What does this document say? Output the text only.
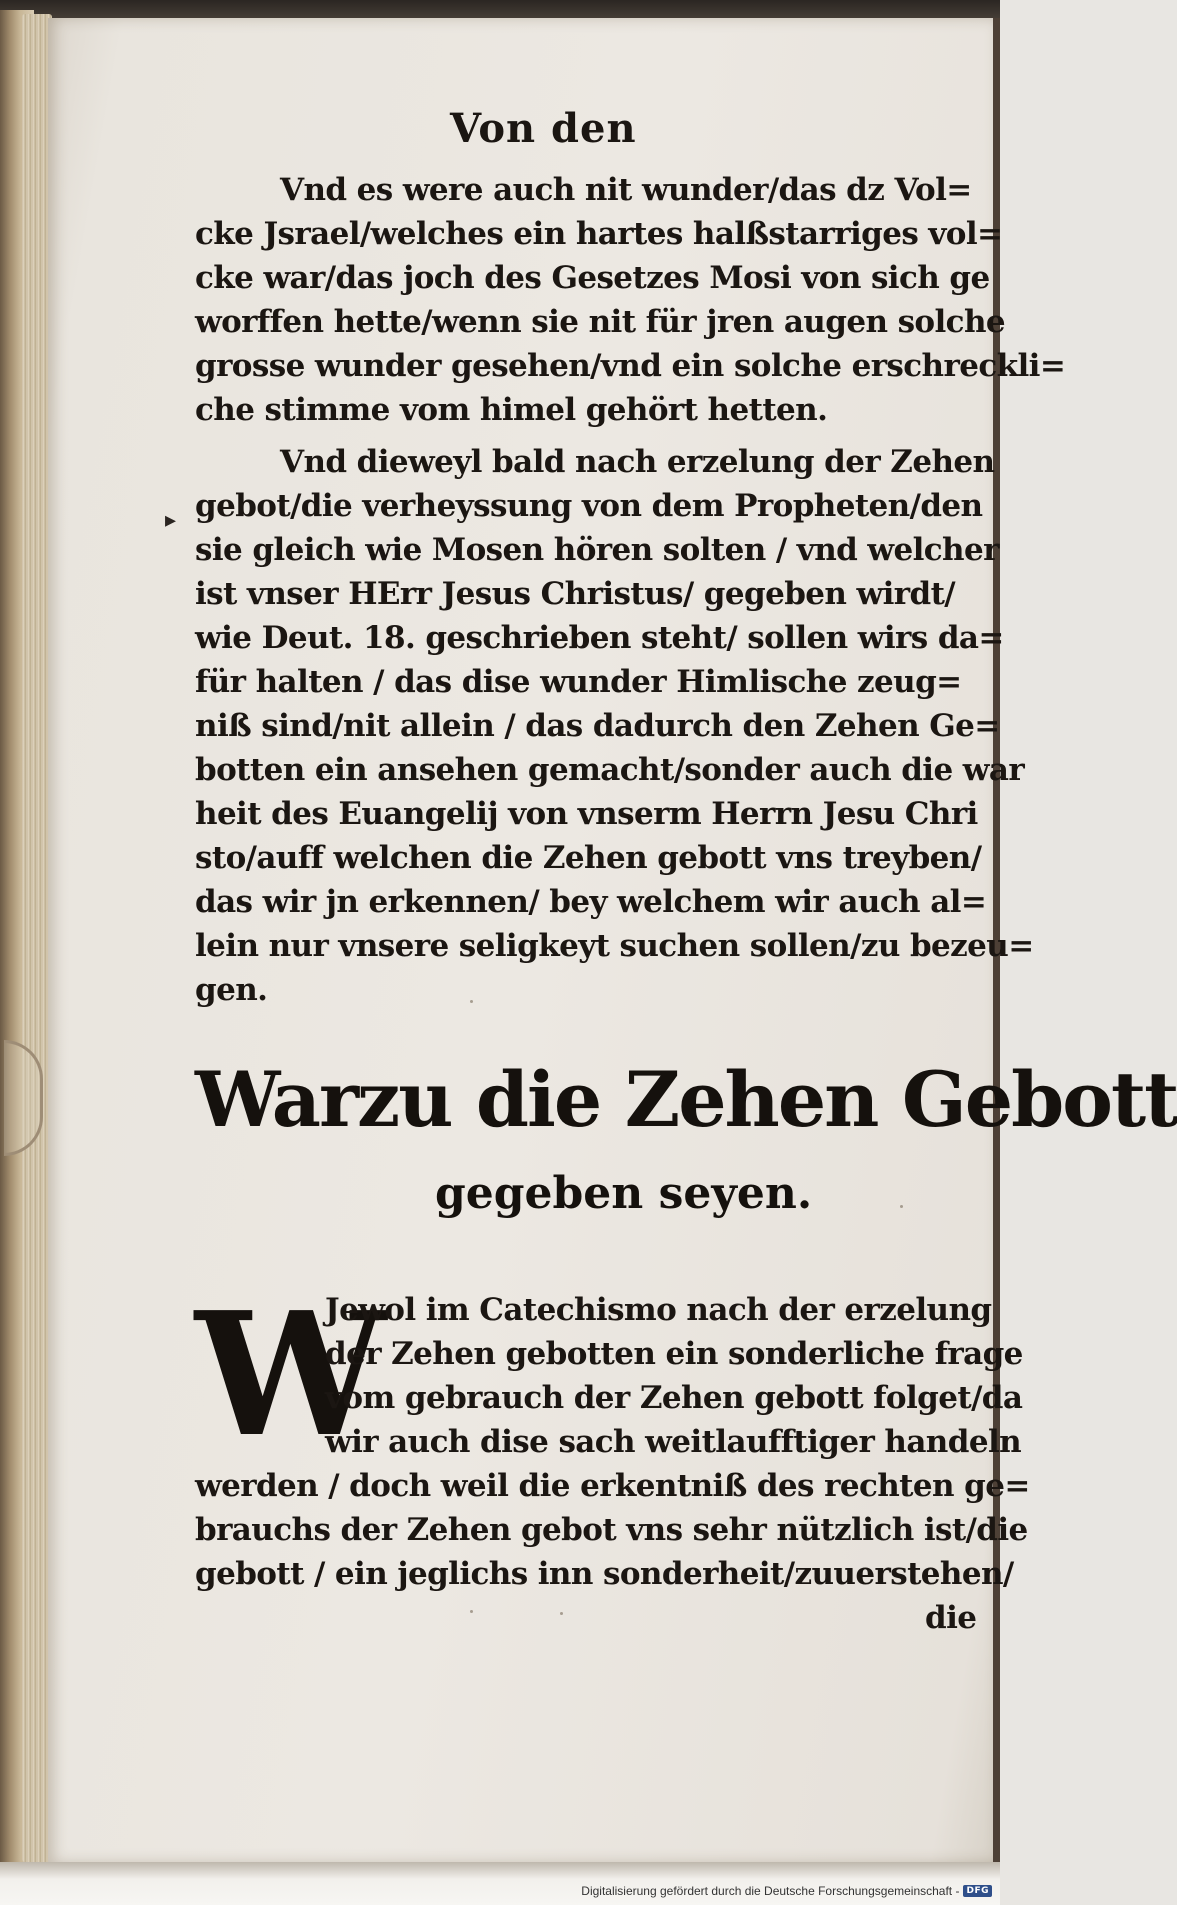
Von den
Vnd es were auch nit wunder/das dz Vol=
cke Jsrael/welches ein hartes halßstarriges vol=
cke war/das joch des Gesetzes Mosi von sich ge
worffen hette/wenn sie nit für jren augen solche
grosse wunder gesehen/vnd ein solche erschreckli=
che stimme vom himel gehört hetten.
▸
Vnd dieweyl bald nach erzelung der Zehen
gebot/die verheyssung von dem Propheten/den
sie gleich wie Mosen hören solten / vnd welcher
ist vnser HErr Jesus Christus/ gegeben wirdt/
wie Deut. 18. geschrieben steht/ sollen wirs da=
für halten / das dise wunder Himlische zeug=
niß sind/nit allein / das dadurch den Zehen Ge=
botten ein ansehen gemacht/sonder auch die war
heit des Euangelij von vnserm Herrn Jesu Chri
sto/auff welchen die Zehen gebott vns treyben/
das wir jn erkennen/ bey welchem wir auch al=
lein nur vnsere seligkeyt suchen sollen/zu bezeu=
gen.
Warzu die Zehen Gebott
gegeben seyen.
W
Jewol im Catechismo nach der erzelung
der Zehen gebotten ein sonderliche frage
vom gebrauch der Zehen gebott folget/da
wir auch dise sach weitlaufftiger handeln
werden / doch weil die erkentniß des rechten ge=
brauchs der Zehen gebot vns sehr nützlich ist/die
gebott / ein jeglichs inn sonderheit/zuuerstehen/
die
Digitalisierung gefördert durch die Deutsche Forschungsgemeinschaft - DFG
